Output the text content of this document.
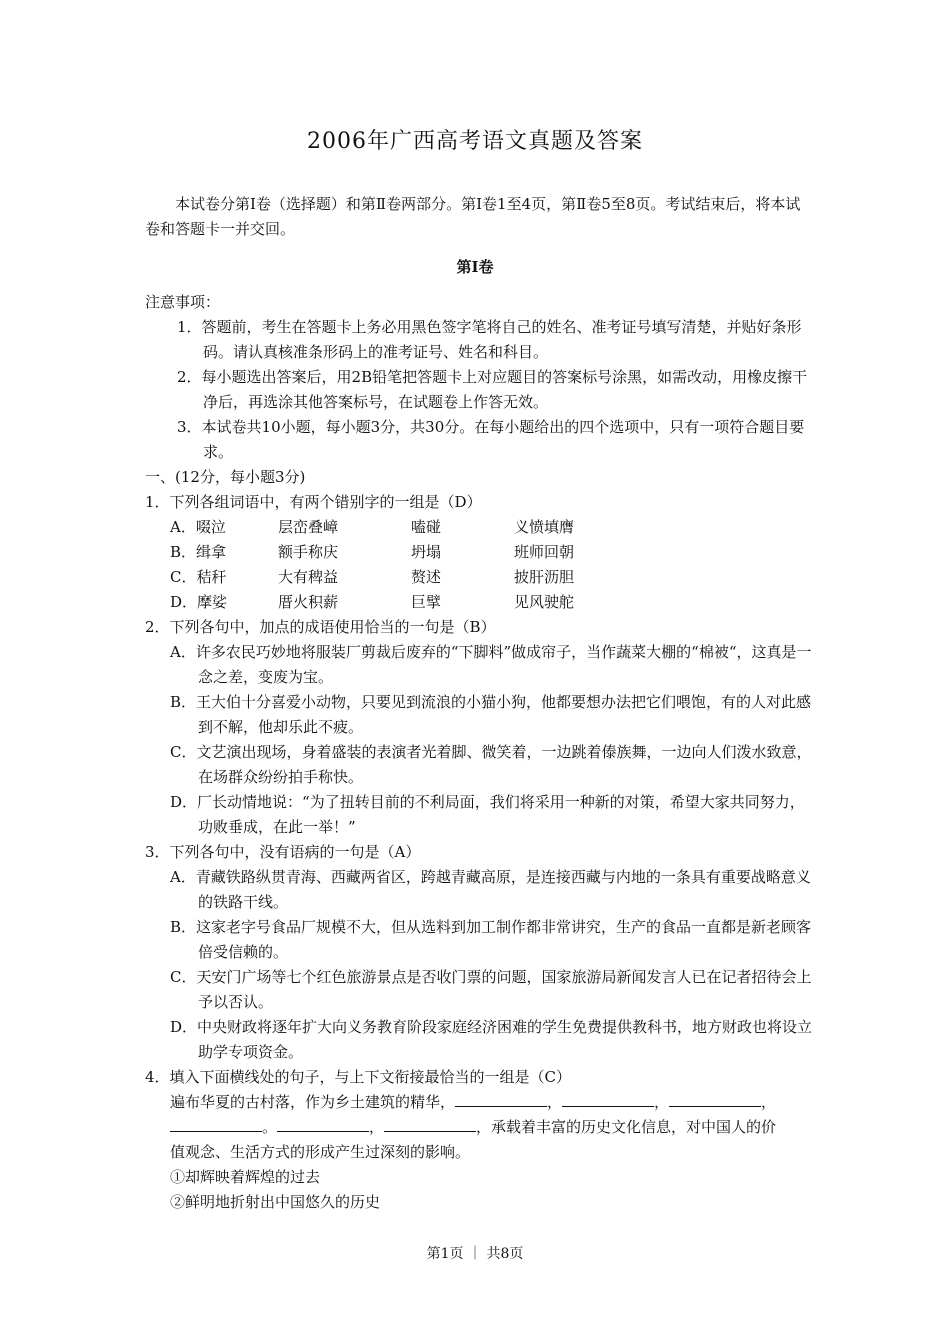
2006年广西高考语文真题及答案
本试卷分第Ⅰ卷（选择题）和第Ⅱ卷两部分。第Ⅰ卷1至4页，第Ⅱ卷5至8页。考试结束后，将本试卷和答题卡一并交回。
第Ⅰ卷
注意事项：
1．答题前，考生在答题卡上务必用黑色签字笔将自己的姓名、准考证号填写清楚，并贴好条形码。请认真核准条形码上的准考证号、姓名和科目。
2．每小题选出答案后，用2B铅笔把答题卡上对应题目的答案标号涂黑，如需改动，用橡皮擦干净后，再选涂其他答案标号，在试题卷上作答无效。
3．本试卷共10小题，每小题3分，共30分。在每小题给出的四个选项中，只有一项符合题目要求。
一、(12分，每小题3分)
1．下列各组词语中，有两个错别字的一组是（D）
A．啜泣	层峦叠嶂	嗑碰	义愤填膺
B．缉拿	额手称庆	坍塌	班师回朝
C．秸秆	大有稗益	赘述	披肝沥胆
D．摩娑	厝火积薪	巨擘	见风驶舵
2．下列各句中，加点的成语使用恰当的一句是（B）
A．许多农民巧妙地将服装厂剪裁后废弃的“下脚料”做成帘子，当作蔬菜大棚的“棉被“，这真是一念之差，变废为宝。
B．王大伯十分喜爱小动物，只要见到流浪的小猫小狗，他都要想办法把它们喂饱，有的人对此感到不解，他却乐此不疲。
C．文艺演出现场，身着盛装的表演者光着脚、微笑着，一边跳着傣族舞，一边向人们泼水致意，在场群众纷纷拍手称快。
D．厂长动情地说：“为了扭转目前的不利局面，我们将采用一种新的对策，希望大家共同努力，功败垂成，在此一举！”
3．下列各句中，没有语病的一句是（A）
A．青藏铁路纵贯青海、西藏两省区，跨越青藏高原，是连接西藏与内地的一条具有重要战略意义的铁路干线。
B．这家老字号食品厂规模不大，但从选料到加工制作都非常讲究，生产的食品一直都是新老顾客倍受信赖的。
C．天安门广场等七个红色旅游景点是否收门票的问题，国家旅游局新闻发言人已在记者招待会上予以否认。
D．中央财政将逐年扩大向义务教育阶段家庭经济困难的学生免费提供教科书，地方财政也将设立助学专项资金。
4．填入下面横线处的句子，与上下文衔接最恰当的一组是（C）
遍布华夏的古村落，作为乡土建筑的精华，	，	，	，
。	，	，承载着丰富的历史文化信息，对中国人的价
值观念、生活方式的形成产生过深刻的影响。
①却辉映着辉煌的过去
②鲜明地折射出中国悠久的历史
第1页 ｜ 共8页
